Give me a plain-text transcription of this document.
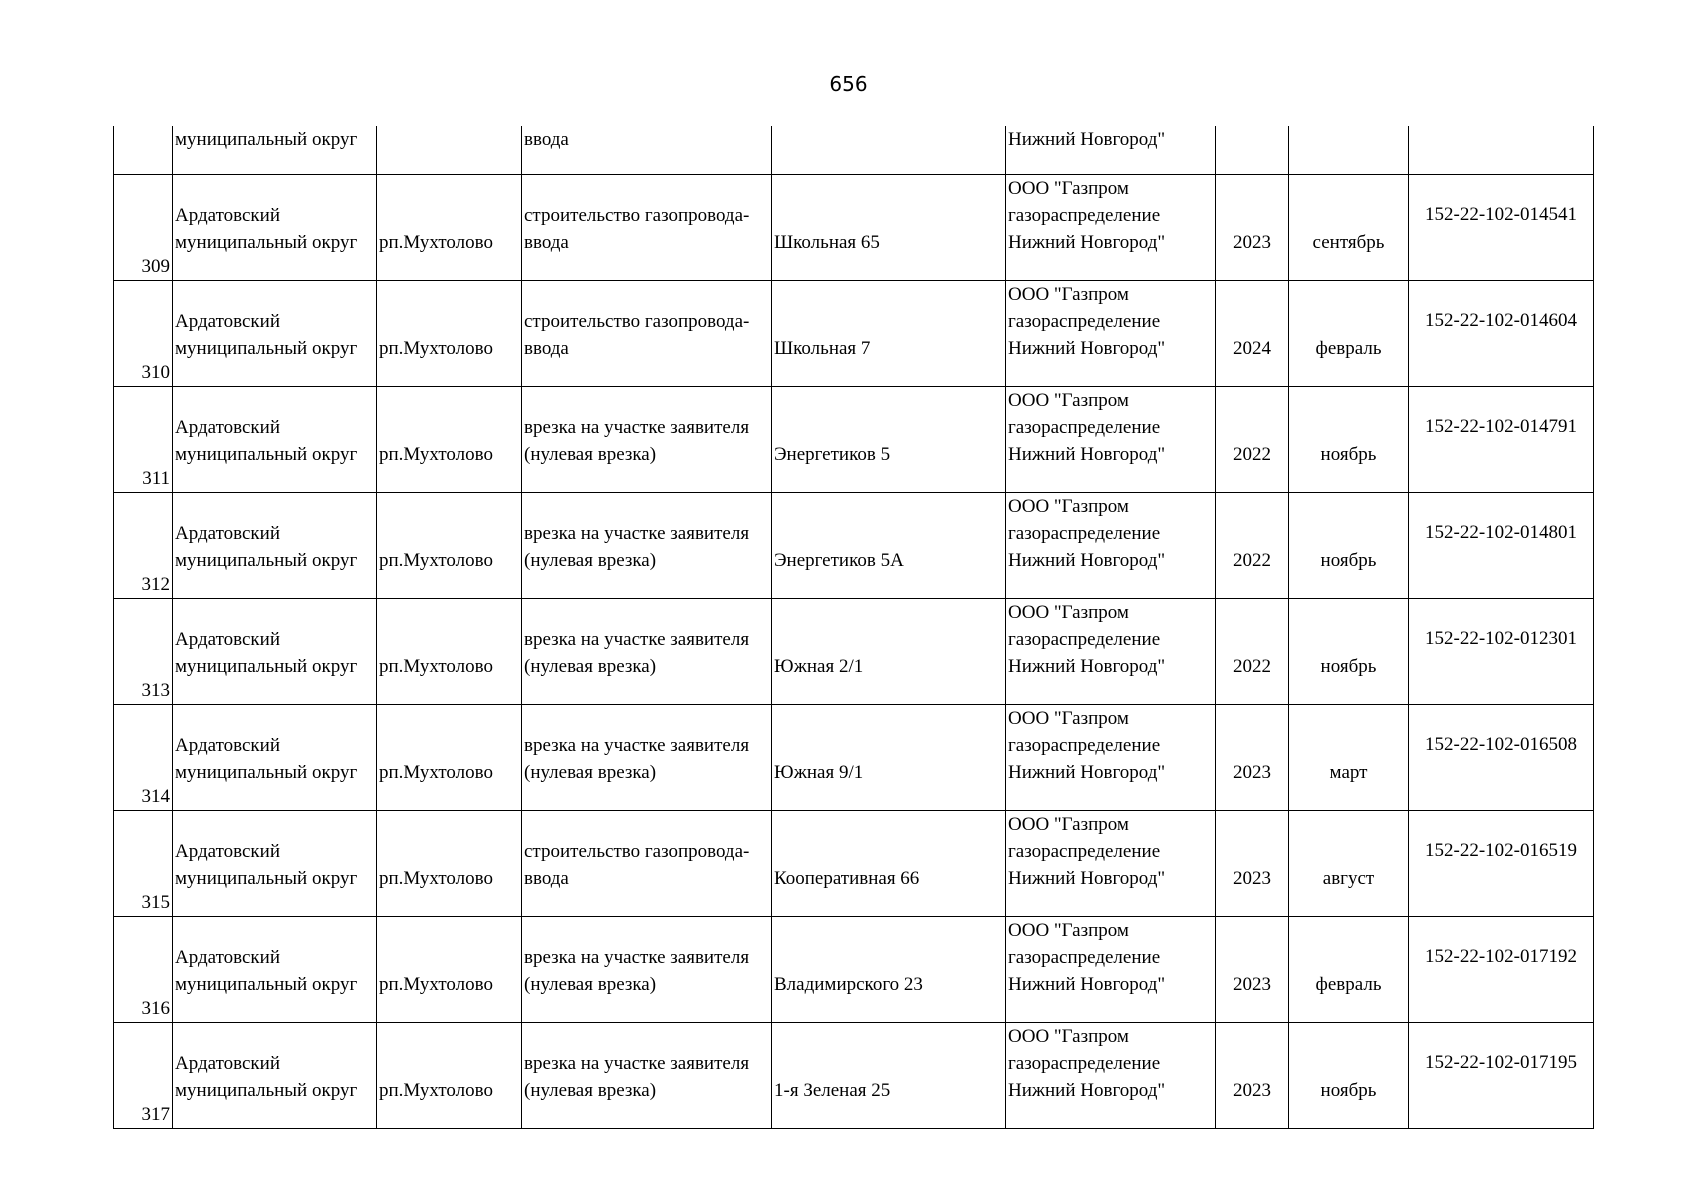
656
	муниципальный округ		ввода		Нижний Новгород"			

309	Ардатовский
муниципальный округ	рп.Мухтолово	строительство газопровода-
ввода	Школьная 65	ООО "Газпром
газораспределение
Нижний Новгород"	2023	сентябрь	152-22-102-014541

310	Ардатовский
муниципальный округ	рп.Мухтолово	строительство газопровода-
ввода	Школьная 7	ООО "Газпром
газораспределение
Нижний Новгород"	2024	февраль	152-22-102-014604

311	Ардатовский
муниципальный округ	рп.Мухтолово	врезка на участке заявителя
(нулевая врезка)	Энергетиков 5	ООО "Газпром
газораспределение
Нижний Новгород"	2022	ноябрь	152-22-102-014791

312	Ардатовский
муниципальный округ	рп.Мухтолово	врезка на участке заявителя
(нулевая врезка)	Энергетиков 5А	ООО "Газпром
газораспределение
Нижний Новгород"	2022	ноябрь	152-22-102-014801

313	Ардатовский
муниципальный округ	рп.Мухтолово	врезка на участке заявителя
(нулевая врезка)	Южная 2/1	ООО "Газпром
газораспределение
Нижний Новгород"	2022	ноябрь	152-22-102-012301

314	Ардатовский
муниципальный округ	рп.Мухтолово	врезка на участке заявителя
(нулевая врезка)	Южная 9/1	ООО "Газпром
газораспределение
Нижний Новгород"	2023	март	152-22-102-016508

315	Ардатовский
муниципальный округ	рп.Мухтолово	строительство газопровода-
ввода	Кооперативная 66	ООО "Газпром
газораспределение
Нижний Новгород"	2023	август	152-22-102-016519

316	Ардатовский
муниципальный округ	рп.Мухтолово	врезка на участке заявителя
(нулевая врезка)	Владимирского 23	ООО "Газпром
газораспределение
Нижний Новгород"	2023	февраль	152-22-102-017192

317	Ардатовский
муниципальный округ	рп.Мухтолово	врезка на участке заявителя
(нулевая врезка)	1-я Зеленая 25	ООО "Газпром
газораспределение
Нижний Новгород"	2023	ноябрь	152-22-102-017195
